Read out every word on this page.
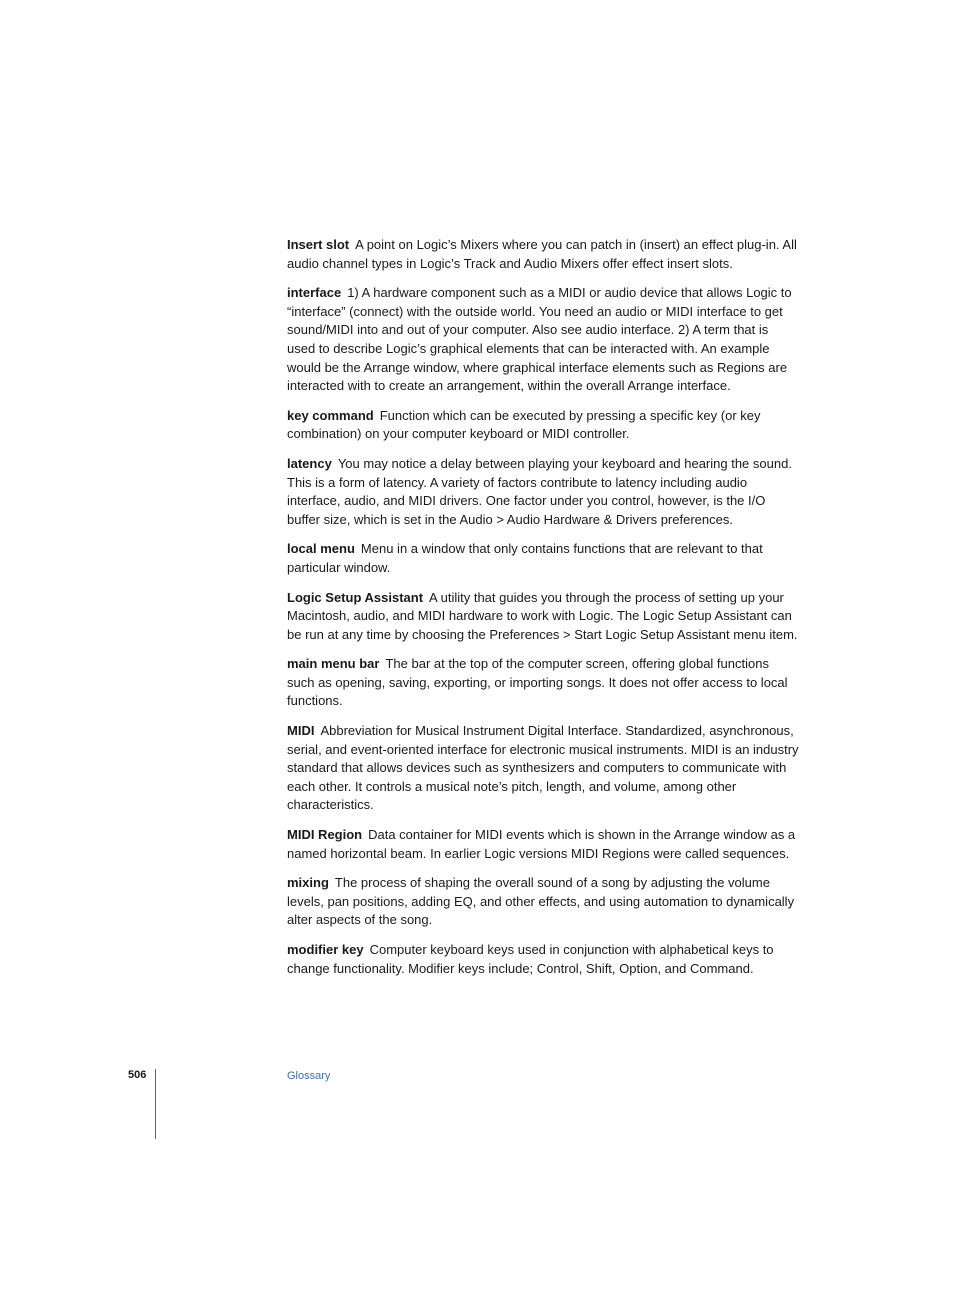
Insert slot A point on Logic’s Mixers where you can patch in (insert) an effect plug-in. All audio channel types in Logic’s Track and Audio Mixers offer effect insert slots.

interface 1) A hardware component such as a MIDI or audio device that allows Logic to “interface” (connect) with the outside world. You need an audio or MIDI interface to get sound/MIDI into and out of your computer. Also see audio interface. 2) A term that is used to describe Logic’s graphical elements that can be interacted with. An example would be the Arrange window, where graphical interface elements such as Regions are interacted with to create an arrangement, within the overall Arrange interface.

key command Function which can be executed by pressing a specific key (or key combination) on your computer keyboard or MIDI controller.

latency You may notice a delay between playing your keyboard and hearing the sound. This is a form of latency. A variety of factors contribute to latency including audio interface, audio, and MIDI drivers. One factor under you control, however, is the I/O buffer size, which is set in the Audio > Audio Hardware & Drivers preferences.

local menu Menu in a window that only contains functions that are relevant to that particular window.

Logic Setup Assistant A utility that guides you through the process of setting up your Macintosh, audio, and MIDI hardware to work with Logic. The Logic Setup Assistant can be run at any time by choosing the Preferences > Start Logic Setup Assistant menu item.

main menu bar The bar at the top of the computer screen, offering global functions such as opening, saving, exporting, or importing songs. It does not offer access to local functions.

MIDI Abbreviation for Musical Instrument Digital Interface. Standardized, asynchronous, serial, and event-oriented interface for electronic musical instruments. MIDI is an industry standard that allows devices such as synthesizers and computers to communicate with each other. It controls a musical note’s pitch, length, and volume, among other characteristics.

MIDI Region Data container for MIDI events which is shown in the Arrange window as a named horizontal beam. In earlier Logic versions MIDI Regions were called sequences.

mixing The process of shaping the overall sound of a song by adjusting the volume levels, pan positions, adding EQ, and other effects, and using automation to dynamically alter aspects of the song.

modifier key Computer keyboard keys used in conjunction with alphabetical keys to change functionality. Modifier keys include; Control, Shift, Option, and Command.

506	Glossary
